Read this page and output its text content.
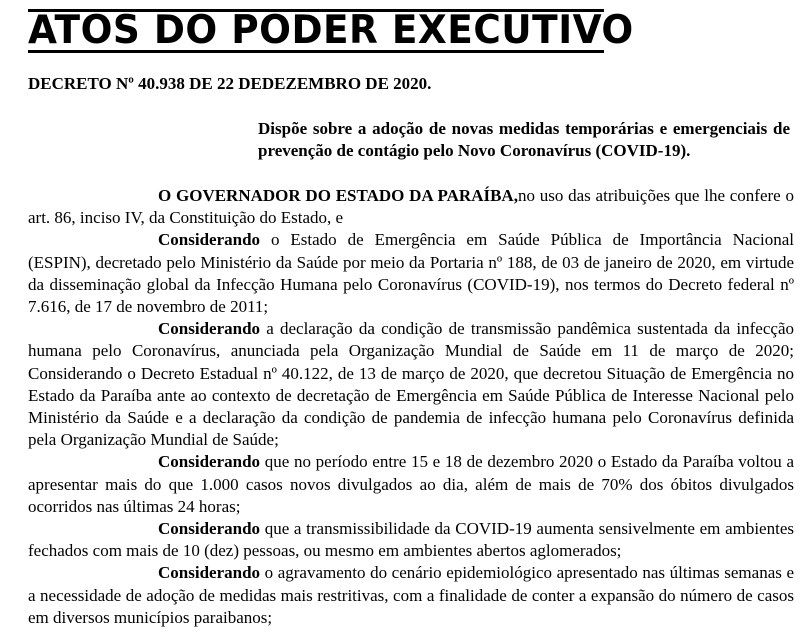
ATOS DO PODER EXECUTIVO
DECRETO Nº 40.938 DE 22 DEDEZEMBRO DE 2020.
Dispõe sobre a adoção de novas medidas temporárias e emergenciais de prevenção de contágio pelo Novo Coronavírus (COVID-19).

O GOVERNADOR DO ESTADO DA PARAÍBA,no uso das atribuições que lhe confere o art. 86, inciso IV, da Constituição do Estado, e

Considerando o Estado de Emergência em Saúde Pública de Importância Nacional (ESPIN), decretado pelo Ministério da Saúde por meio da Portaria nº 188, de 03 de janeiro de 2020, em virtude da disseminação global da Infecção Humana pelo Coronavírus (COVID-19), nos termos do Decreto federal nº 7.616, de 17 de novembro de 2011;

Considerando a declaração da condição de transmissão pandêmica sustentada da infecção humana pelo Coronavírus, anunciada pela Organização Mundial de Saúde em 11 de março de 2020; Considerando o Decreto Estadual nº 40.122, de 13 de março de 2020, que decretou Situação de Emergência no Estado da Paraíba ante ao contexto de decretação de Emergência em Saúde Pública de Interesse Nacional pelo Ministério da Saúde e a declaração da condição de pandemia de infecção humana pelo Coronavírus definida pela Organização Mundial de Saúde;

Considerando que no período entre 15 e 18 de dezembro 2020 o Estado da Paraíba voltou a apresentar mais do que 1.000 casos novos divulgados ao dia, além de mais de 70% dos óbitos divulgados ocorridos nas últimas 24 horas;

Considerando que a transmissibilidade da COVID-19 aumenta sensivelmente em ambientes fechados com mais de 10 (dez) pessoas, ou mesmo em ambientes abertos aglomerados;

Considerando o agravamento do cenário epidemiológico apresentado nas últimas semanas e a necessidade de adoção de medidas mais restritivas, com a finalidade de conter a expansão do número de casos em diversos municípios paraibanos;
